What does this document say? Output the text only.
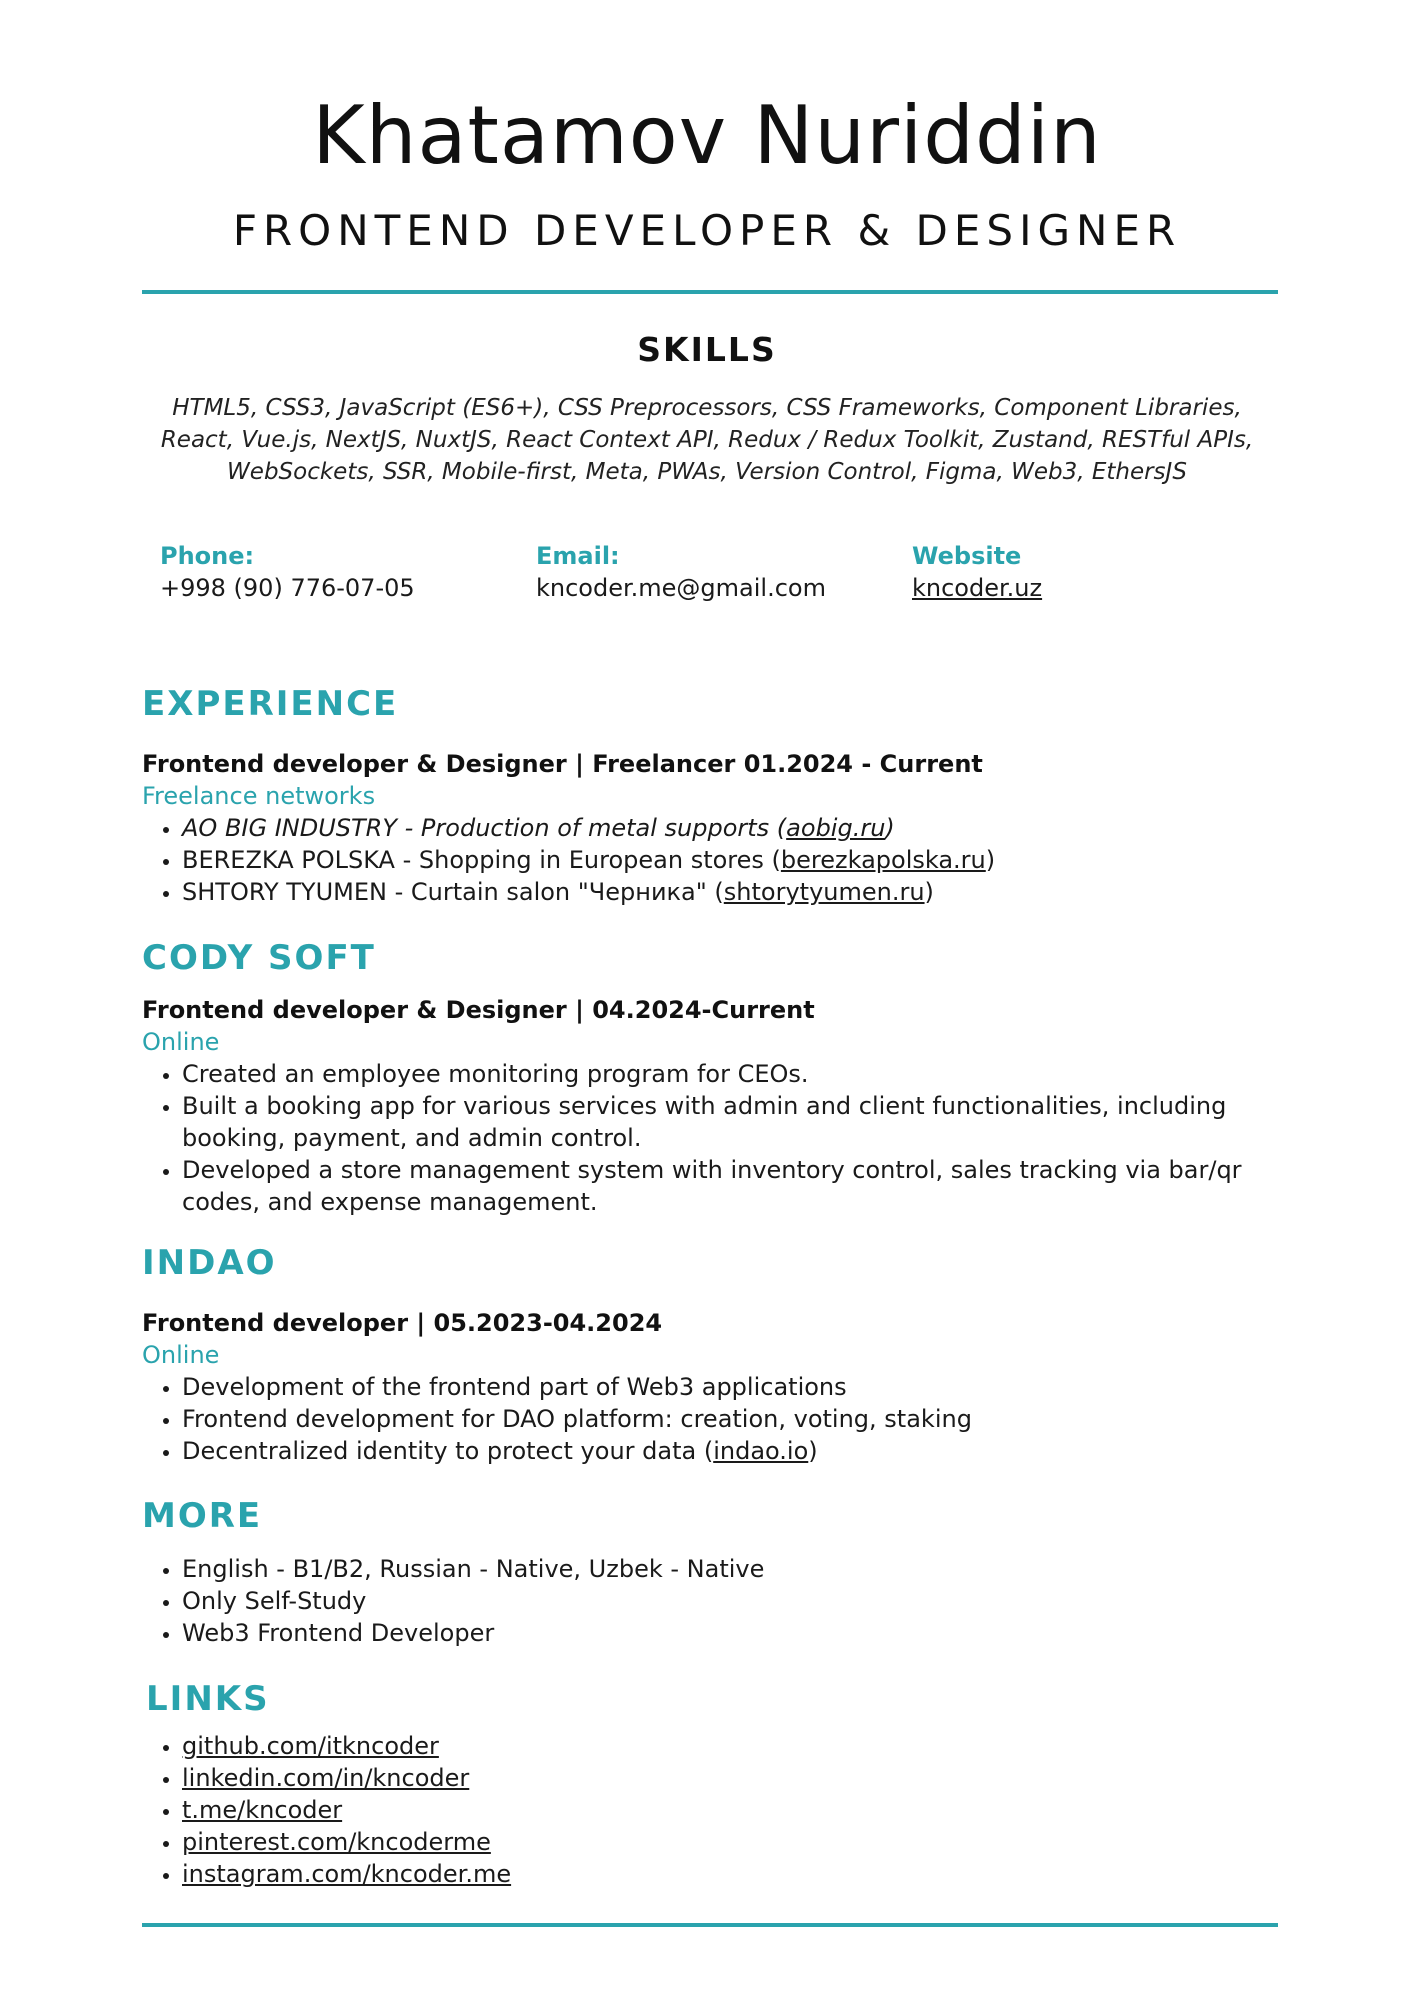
Khatamov Nuriddin
FRONTEND DEVELOPER & DESIGNER
SKILLS
HTML5, CSS3, JavaScript (ES6+), CSS Preprocessors, CSS Frameworks, Component Libraries, React, Vue.js, NextJS, NuxtJS, React Context API, Redux / Redux Toolkit, Zustand, RESTful APIs, WebSockets, SSR, Mobile-first, Meta, PWAs, Version Control, Figma, Web3, EthersJS
Phone:
+998 (90) 776-07-05
Email:
kncoder.me@gmail.com
Website
kncoder.uz
EXPERIENCE
Frontend developer & Designer | Freelancer 01.2024 - Current
Freelance networks
• AO BIG INDUSTRY - Production of metal supports (aobig.ru)
• BEREZKA POLSKA - Shopping in European stores (berezkapolska.ru)
• SHTORY TYUMEN - Curtain salon "Черника" (shtorytyumen.ru)
CODY SOFT
Frontend developer & Designer | 04.2024-Current
Online
• Created an employee monitoring program for CEOs.
• Built a booking app for various services with admin and client functionalities, including booking, payment, and admin control.
• Developed a store management system with inventory control, sales tracking via bar/qr codes, and expense management.
INDAO
Frontend developer | 05.2023-04.2024
Online
• Development of the frontend part of Web3 applications
• Frontend development for DAO platform: creation, voting, staking
• Decentralized identity to protect your data (indao.io)
MORE
• English - B1/B2, Russian - Native, Uzbek - Native
• Only Self-Study
• Web3 Frontend Developer
LINKS
• github.com/itkncoder
• linkedin.com/in/kncoder
• t.me/kncoder
• pinterest.com/kncoderme
• instagram.com/kncoder.me
